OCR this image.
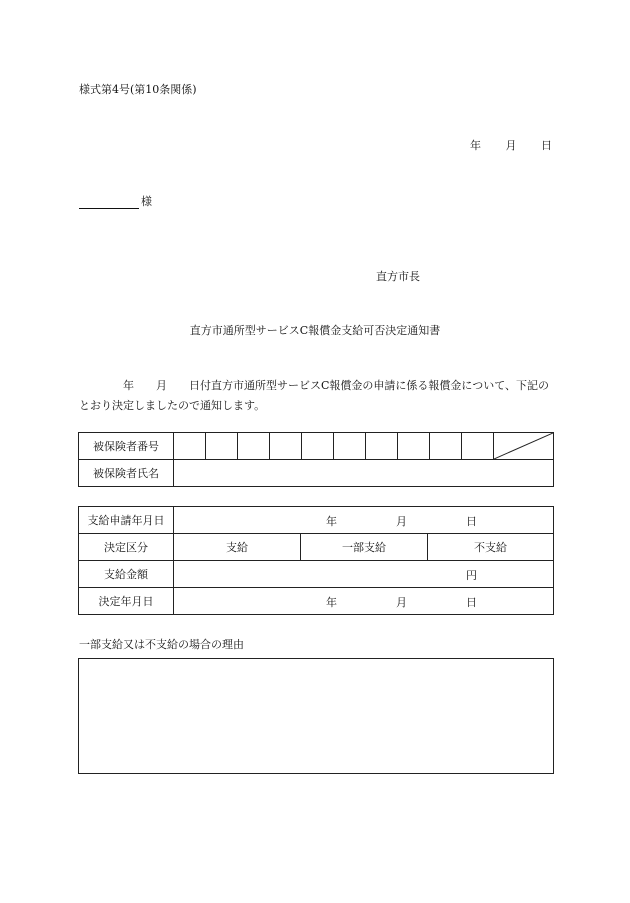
様式第4号(第10条関係)
年 月 日
様
直方市長
直方市通所型サービスC報償金支給可否決定通知書
年 月 日付直方市通所型サービスC報償金の申請に係る報償金について、下記のとおり決定しましたので通知します。
被保険者番号											

被保険者氏名											
支給申請年月日	年 月 日		

決定区分	支給	一部支給	不支給
支給金額	円		

決定年月日	年 月 日		
一部支給又は不支給の場合の理由
